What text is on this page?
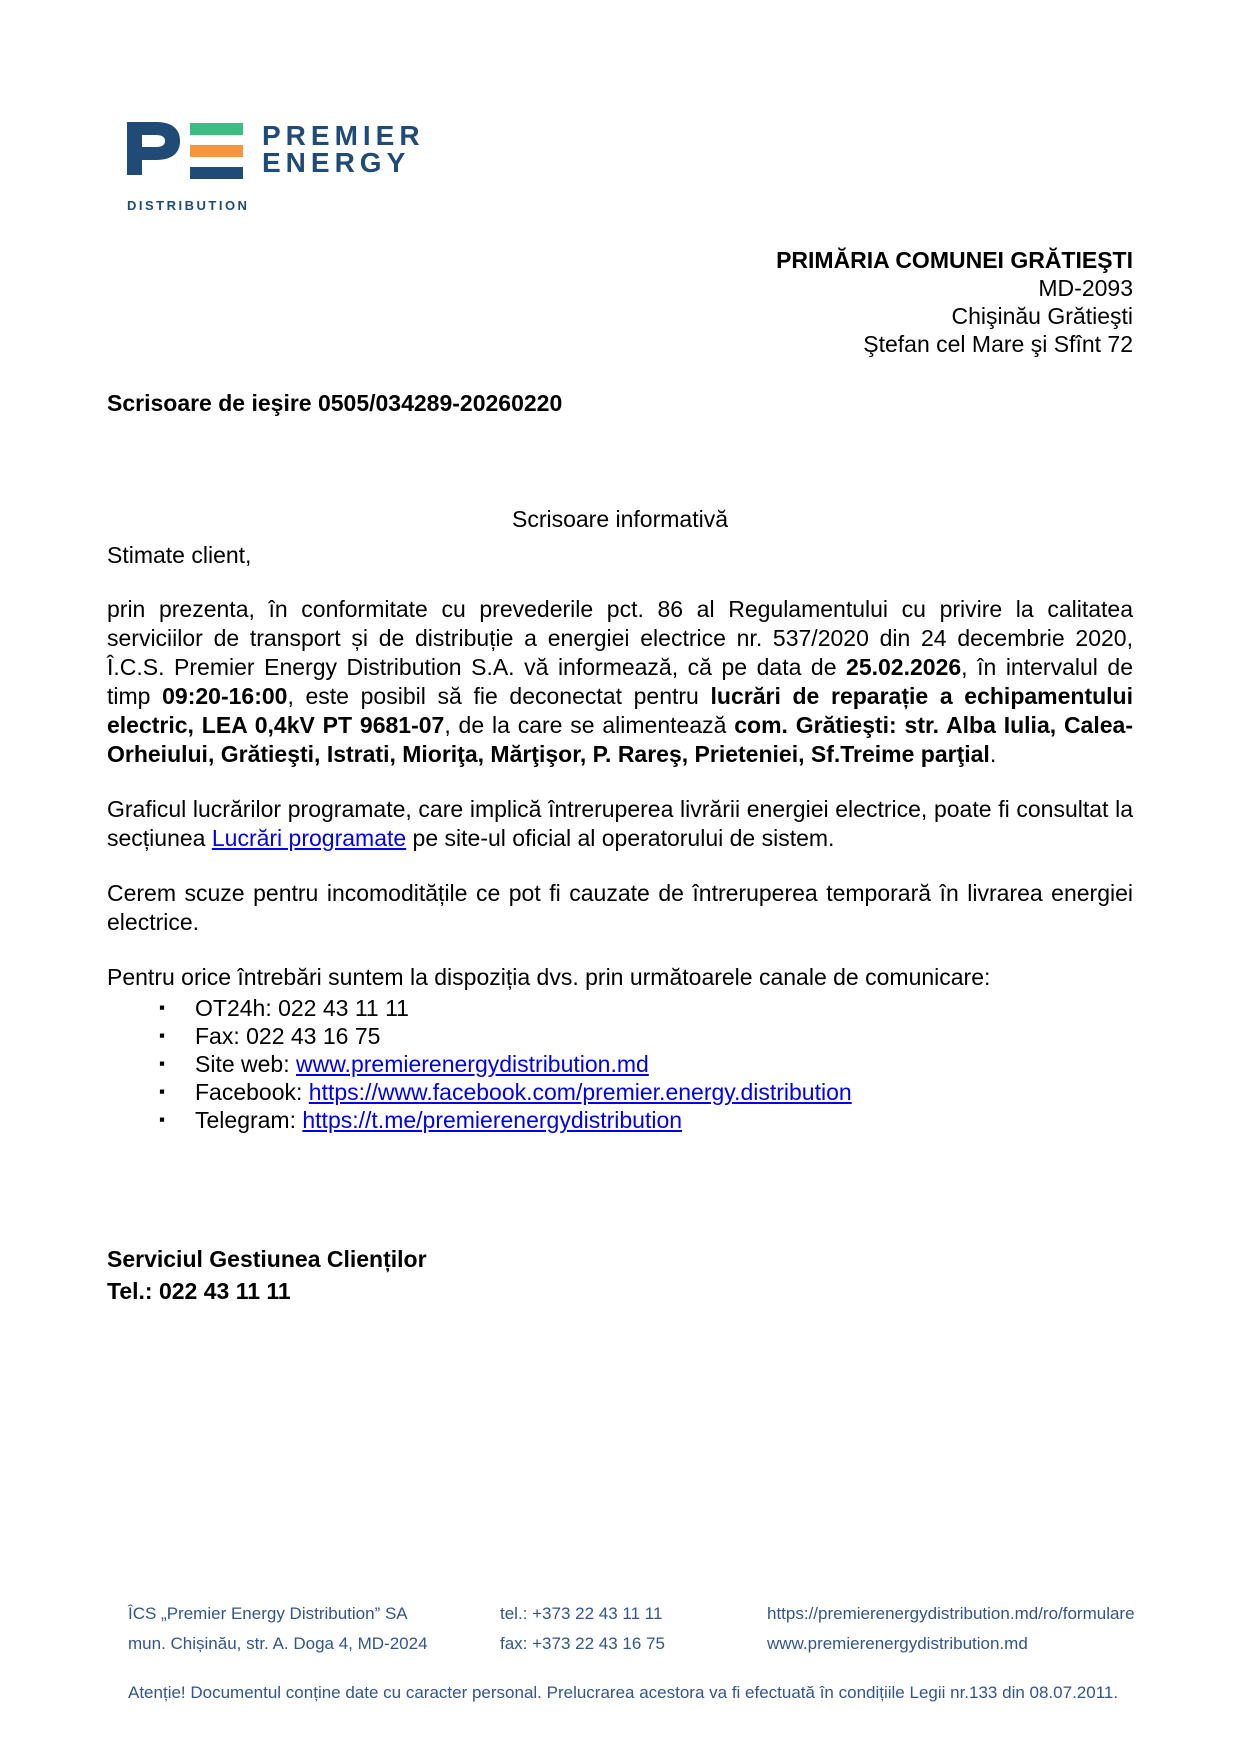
PREMIER
ENERGY
DISTRIBUTION
PRIMĂRIA COMUNEI GRĂTIEŞTI
MD-2093
Chişinău Grătieşti
Ştefan cel Mare şi Sfînt 72
Scrisoare de ieşire 0505/034289-20260220
Scrisoare informativă
Stimate client,

prin prezenta, în conformitate cu prevederile pct. 86 al Regulamentului cu privire la calitatea serviciilor de transport și de distribuție a energiei electrice nr. 537/2020 din 24 decembrie 2020, Î.C.S. Premier Energy Distribution S.A. vă informează, că pe data de 25.02.2026, în intervalul de timp 09:20-16:00, este posibil să fie deconectat pentru lucrări de reparație a echipamentului electric, LEA 0,4kV PT 9681-07, de la care se alimentează com. Grătieşti: str. Alba Iulia, Calea-Orheiului, Grătieşti, Istrati, Mioriţa, Mărţişor, P. Rareş, Prieteniei, Sf.Treime parţial.

Graficul lucrărilor programate, care implică întreruperea livrării energiei electrice, poate fi consultat la secțiunea Lucrări programate pe site-ul oficial al operatorului de sistem.

Cerem scuze pentru incomoditățile ce pot fi cauzate de întreruperea temporară în livrarea energiei electrice.

Pentru orice întrebări suntem la dispoziția dvs. prin următoarele canale de comunicare:

▪ OT24h: 022 43 11 11
▪ Fax: 022 43 16 75
▪ Site web: www.premierenergydistribution.md
▪ Facebook: https://www.facebook.com/premier.energy.distribution
▪ Telegram: https://t.me/premierenergydistribution
Serviciul Gestiunea Clienților
Tel.: 022 43 11 11
ÎCS „Premier Energy Distribution” SA
mun. Chișinău, str. A. Doga 4, MD-2024
tel.: +373 22 43 11 11
fax: +373 22 43 16 75
https://premierenergydistribution.md/ro/formulare
www.premierenergydistribution.md
Atenție! Documentul conține date cu caracter personal. Prelucrarea acestora va fi efectuată în condițiile Legii nr.133 din 08.07.2011.
